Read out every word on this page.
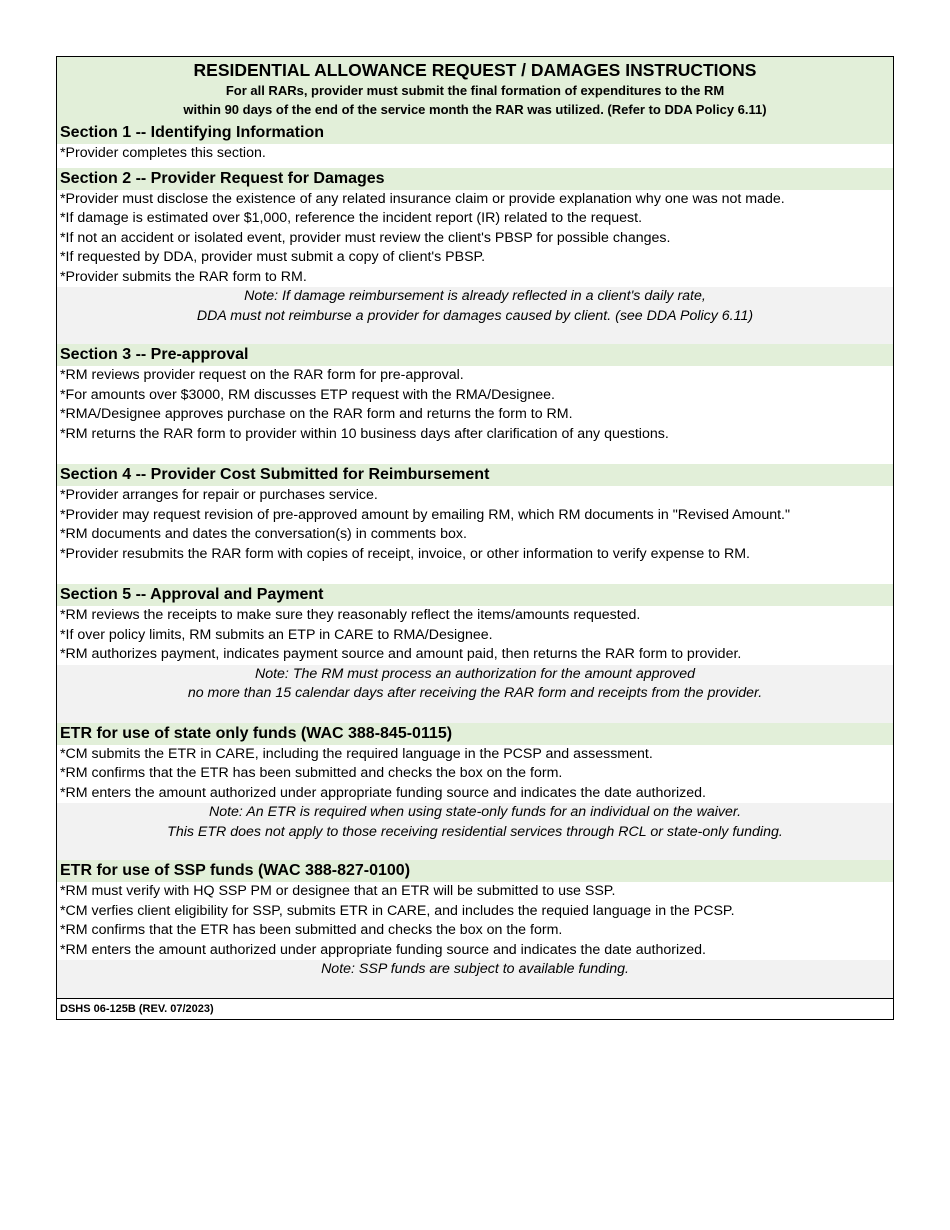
RESIDENTIAL ALLOWANCE REQUEST / DAMAGES INSTRUCTIONS
For all RARs, provider must submit the final formation of expenditures to the RM
within 90 days of the end of the service month the RAR was utilized. (Refer to DDA Policy 6.11)
Section 1 -- Identifying Information
*Provider completes this section.
Section 2 -- Provider Request for Damages
*Provider must disclose the existence of any related insurance claim or provide explanation why one was not made.
*If damage is estimated over $1,000, reference the incident report (IR) related to the request.
*If not an accident or isolated event, provider must review the client's PBSP for possible changes.
*If requested by DDA, provider must submit a copy of client's PBSP.
*Provider submits the RAR form to RM.
Note: If damage reimbursement is already reflected in a client's daily rate,
DDA must not reimburse a provider for damages caused by client. (see DDA Policy 6.11)
Section 3 -- Pre-approval
*RM reviews provider request on the RAR form for pre-approval.
*For amounts over $3000, RM discusses ETP request with the RMA/Designee.
*RMA/Designee approves purchase on the RAR form and returns the form to RM.
*RM returns the RAR form to provider within 10 business days after clarification of any questions.
Section 4 -- Provider Cost Submitted for Reimbursement
*Provider arranges for repair or purchases service.
*Provider may request revision of pre-approved amount by emailing RM, which RM documents in "Revised Amount."
*RM documents and dates the conversation(s) in comments box.
*Provider resubmits the RAR form with copies of receipt, invoice, or other information to verify expense to RM.
Section 5 -- Approval and Payment
*RM reviews the receipts to make sure they reasonably reflect the items/amounts requested.
*If over policy limits, RM submits an ETP in CARE to RMA/Designee.
*RM authorizes payment, indicates payment source and amount paid, then returns the RAR form to provider.
Note: The RM must process an authorization for the amount approved
no more than 15 calendar days after receiving the RAR form and receipts from the provider.
ETR for use of state only funds (WAC 388-845-0115)
*CM submits the ETR in CARE, including the required language in the PCSP and assessment.
*RM confirms that the ETR has been submitted and checks the box on the form.
*RM enters the amount authorized under appropriate funding source and indicates the date authorized.
Note: An ETR is required when using state-only funds for an individual on the waiver.
This ETR does not apply to those receiving residential services through RCL or state-only funding.
ETR for use of SSP funds (WAC 388-827-0100)
*RM must verify with HQ SSP PM or designee that an ETR will be submitted to use SSP.
*CM verfies client eligibility for SSP, submits ETR in CARE, and includes the requied language in the PCSP.
*RM confirms that the ETR has been submitted and checks the box on the form.
*RM enters the amount authorized under appropriate funding source and indicates the date authorized.
Note: SSP funds are subject to available funding.
DSHS 06-125B (REV. 07/2023)
